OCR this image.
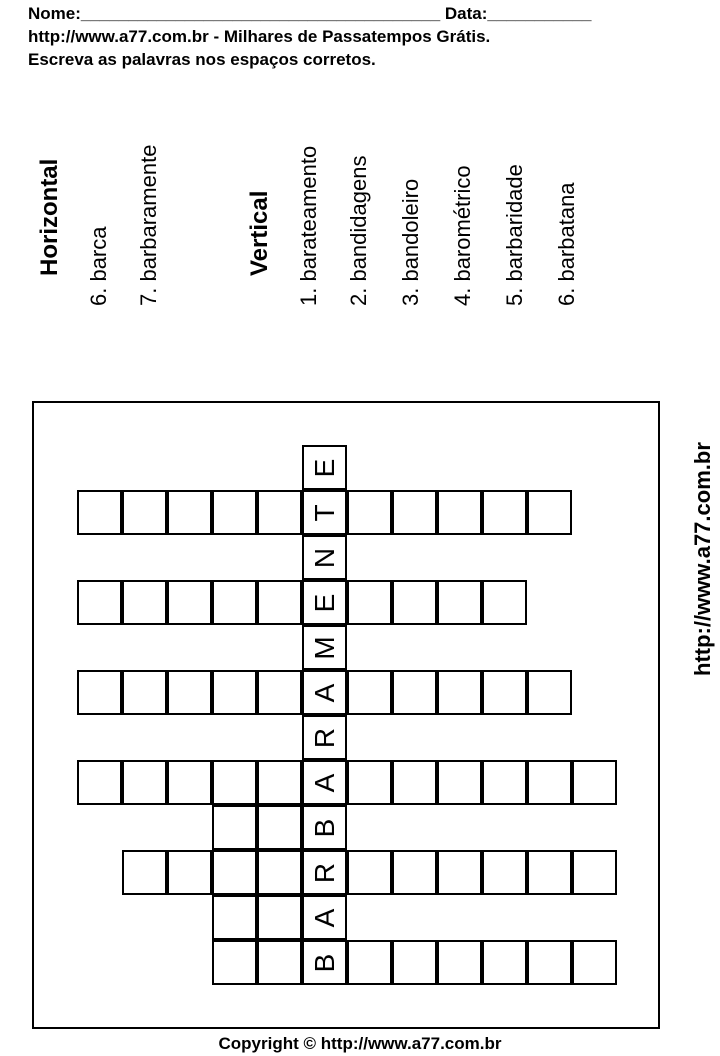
Nome:______________________________________ Data:___________
http://www.a77.com.br - Milhares de Passatempos Grátis.
Escreva as palavras nos espaços corretos.
Horizontal 6. barca 7. barbaramente	Vertical 1. barateamento 2. bandidagens 3. bandoleiro 4. barométrico 5. barbaridade 6. barbatana
E
T
N
E
M
A
R
A
B
R
A
B
http://www.a77.com.br
Copyright © http://www.a77.com.br
